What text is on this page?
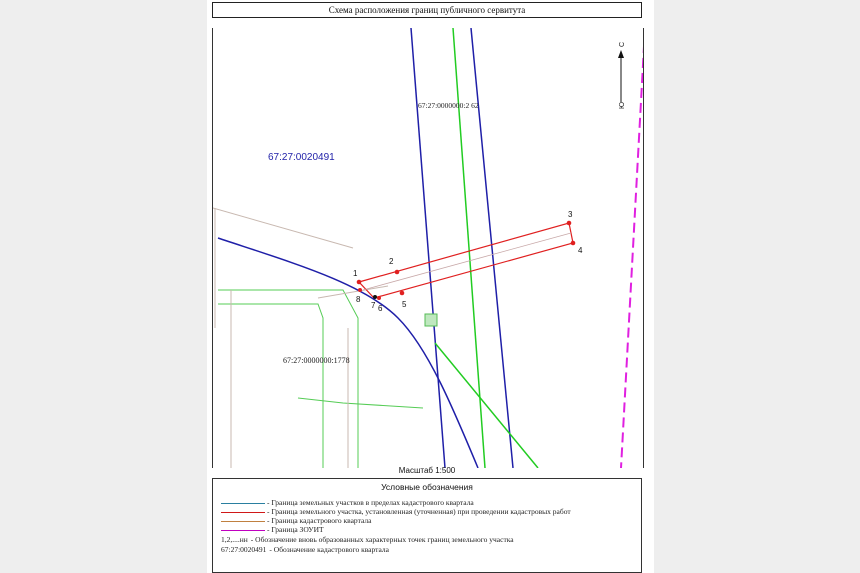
Схема расположения границ публичного сервитута
1
2
3
4
5
6
7
8
67:27:0020491
67:27:0000000:2 62
67:27:0000000:1778
С
Ю
Масштаб 1:500
Условные обозначения
- Граница земельных участков в пределах кадастрового квартала
- Граница земельного участка, установленная (уточненная) при проведении кадастровых работ
- Граница кадастрового квартала
- Граница ЗОУИТ
1,2,....нн - Обозначение вновь образованных характерных точек границ земельного участка
67:27:0020491 - Обозначение кадастрового квартала
